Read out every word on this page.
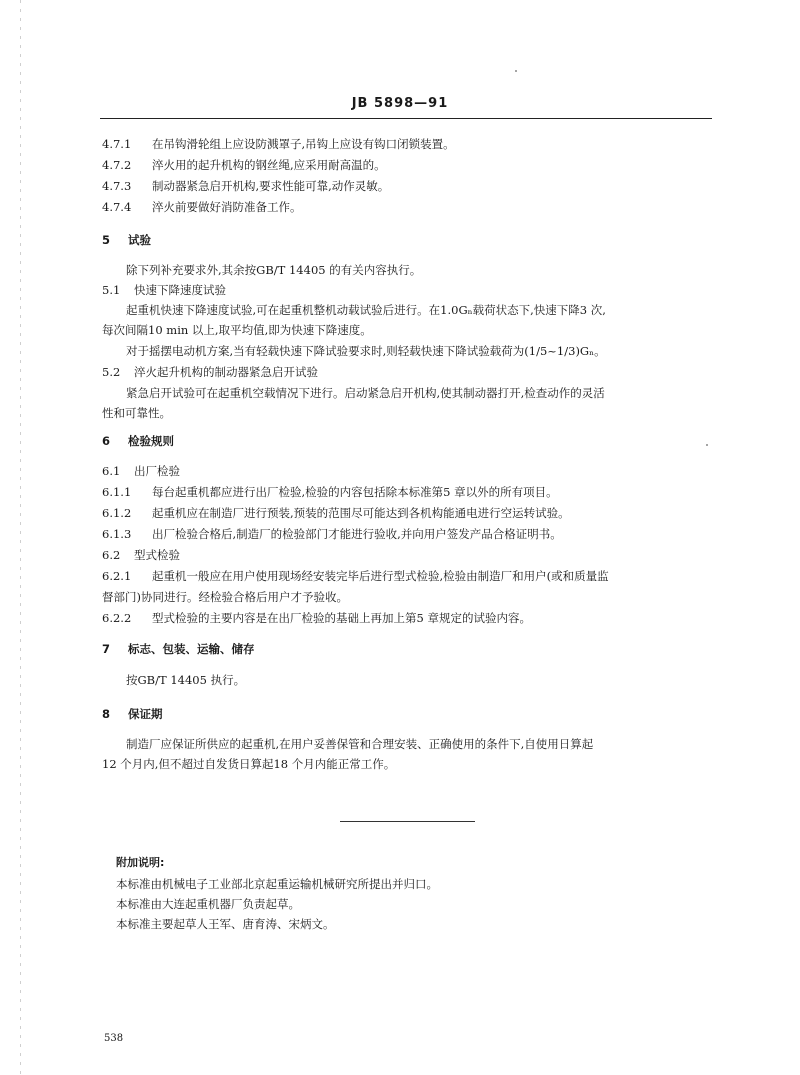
JB 5898—91
4.7.1 在吊钩滑轮组上应设防溅罩子,吊钩上应设有钩口闭锁装置。
4.7.2 淬火用的起升机构的钢丝绳,应采用耐高温的。
4.7.3 制动器紧急启开机构,要求性能可靠,动作灵敏。
4.7.4 淬火前要做好消防准备工作。
5 试验
除下列补充要求外,其余按GB/T 14405 的有关内容执行。
5.1 快速下降速度试验
起重机快速下降速度试验,可在起重机整机动载试验后进行。在1.0Gₙ载荷状态下,快速下降3 次,
每次间隔10 min 以上,取平均值,即为快速下降速度。
对于摇摆电动机方案,当有轻载快速下降试验要求时,则轻载快速下降试验载荷为(1/5~1/3)Gₙ。
5.2 淬火起升机构的制动器紧急启开试验
紧急启开试验可在起重机空载情况下进行。启动紧急启开机构,使其制动器打开,检查动作的灵活
性和可靠性。
6 检验规则
6.1 出厂检验
6.1.1 每台起重机都应进行出厂检验,检验的内容包括除本标准第5 章以外的所有项目。
6.1.2 起重机应在制造厂进行预装,预装的范围尽可能达到各机构能通电进行空运转试验。
6.1.3 出厂检验合格后,制造厂的检验部门才能进行验收,并向用户签发产品合格证明书。
6.2 型式检验
6.2.1 起重机一般应在用户使用现场经安装完毕后进行型式检验,检验由制造厂和用户(或和质量监
督部门)协同进行。经检验合格后用户才予验收。
6.2.2 型式检验的主要内容是在出厂检验的基础上再加上第5 章规定的试验内容。
7 标志、包装、运输、储存
按GB/T 14405 执行。
8 保证期
制造厂应保证所供应的起重机,在用户妥善保管和合理安装、正确使用的条件下,自使用日算起
12 个月内,但不超过自发货日算起18 个月内能正常工作。
附加说明:
本标准由机械电子工业部北京起重运输机械研究所提出并归口。
本标准由大连起重机器厂负责起草。
本标准主要起草人王军、唐育涛、宋炳文。
538
